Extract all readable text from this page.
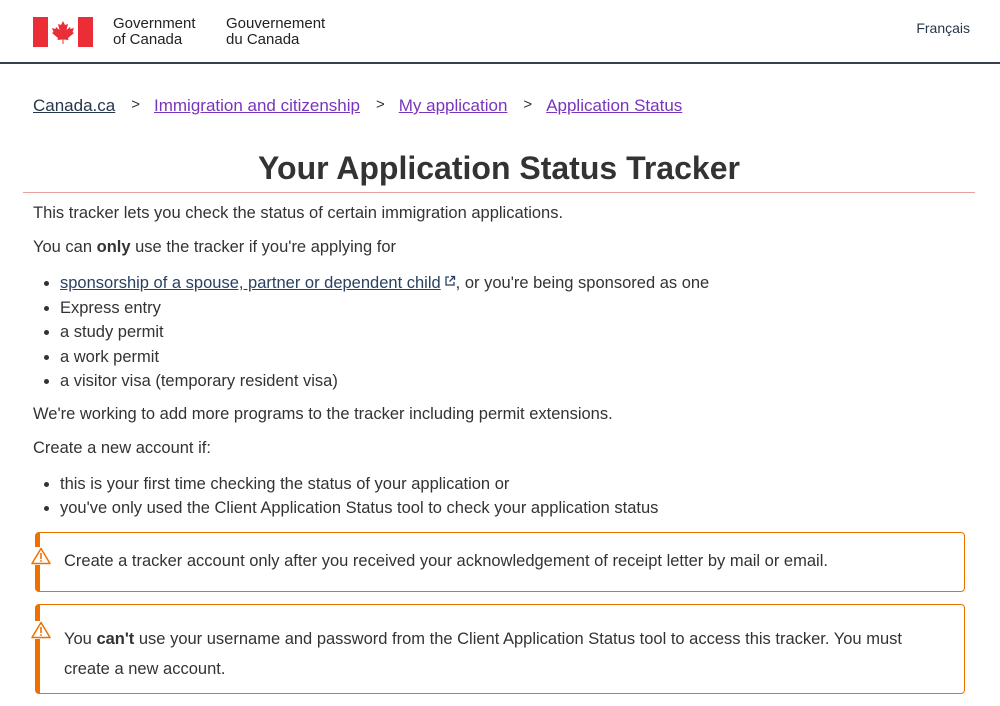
Government
of Canada
Gouvernement
du Canada
Français
Canada.ca > Immigration and citizenship > My application > Application Status
Your Application Status Tracker

This tracker lets you check the status of certain immigration applications.

You can only use the tracker if you're applying for

• sponsorship of a spouse, partner or dependent child , or you're being sponsored as one
• Express entry
• a study permit
• a work permit
• a visitor visa (temporary resident visa)

We're working to add more programs to the tracker including permit extensions.

Create a new account if:

• this is your first time checking the status of your application or
• you've only used the Client Application Status tool to check your application status
Create a tracker account only after you received your acknowledgement of receipt letter by mail or email.
You can't use your username and password from the Client Application Status tool to access this tracker. You must create a new account.
